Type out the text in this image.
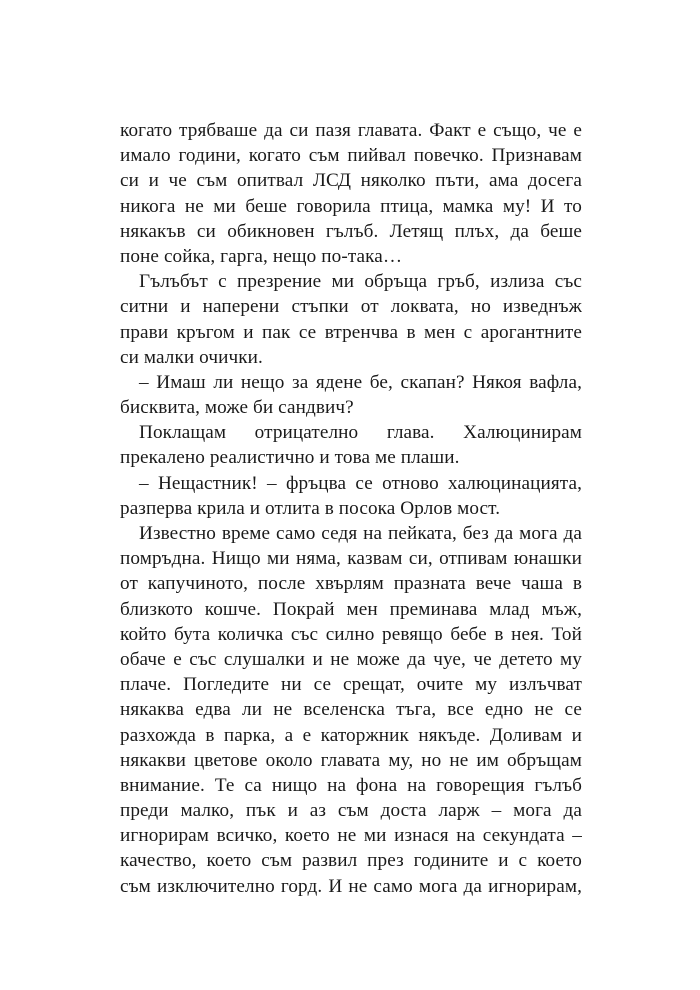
когато трябваше да си пазя главата. Факт е също, че е
имало години, когато съм пийвал повечко. Признавам
си и че съм опитвал ЛСД няколко пъти, ама досега
никога не ми беше говорила птица, мамка му! И то
някакъв си обикновен гълъб. Летящ плъх, да беше
поне сойка, гарга, нещо по-така…
Гълъбът с презрение ми обръща гръб, излиза със
ситни и наперени стъпки от локвата, но изведнъж
прави кръгом и пак се втренчва в мен с арогантните
си малки очички.
– Имаш ли нещо за ядене бе, скапан? Някоя вафла,
бисквита, може би сандвич?
Поклащам отрицателно глава. Халюцинирам
прекалено реалистично и това ме плаши.
– Нещастник! – фръцва се отново халюцинацията,
разперва крила и отлита в посока Орлов мост.
Известно време само седя на пейката, без да мога да
помръдна. Нищо ми няма, казвам си, отпивам юнашки
от капучиното, после хвърлям празната вече чаша в
близкото кошче. Покрай мен преминава млад мъж,
който бута количка със силно ревящо бебе в нея. Той
обаче е със слушалки и не може да чуе, че детето му
плаче. Погледите ни се срещат, очите му излъчват
някаква едва ли не вселенска тъга, все едно не се
разхожда в парка, а е каторжник някъде. Доливам и
някакви цветове около главата му, но не им обръщам
внимание. Те са нищо на фона на говорещия гълъб
преди малко, пък и аз съм доста ларж – мога да
игнорирам всичко, което не ми изнася на секундата –
качество, което съм развил през годините и с което
съм изключително горд. И не само мога да игнорирам,
